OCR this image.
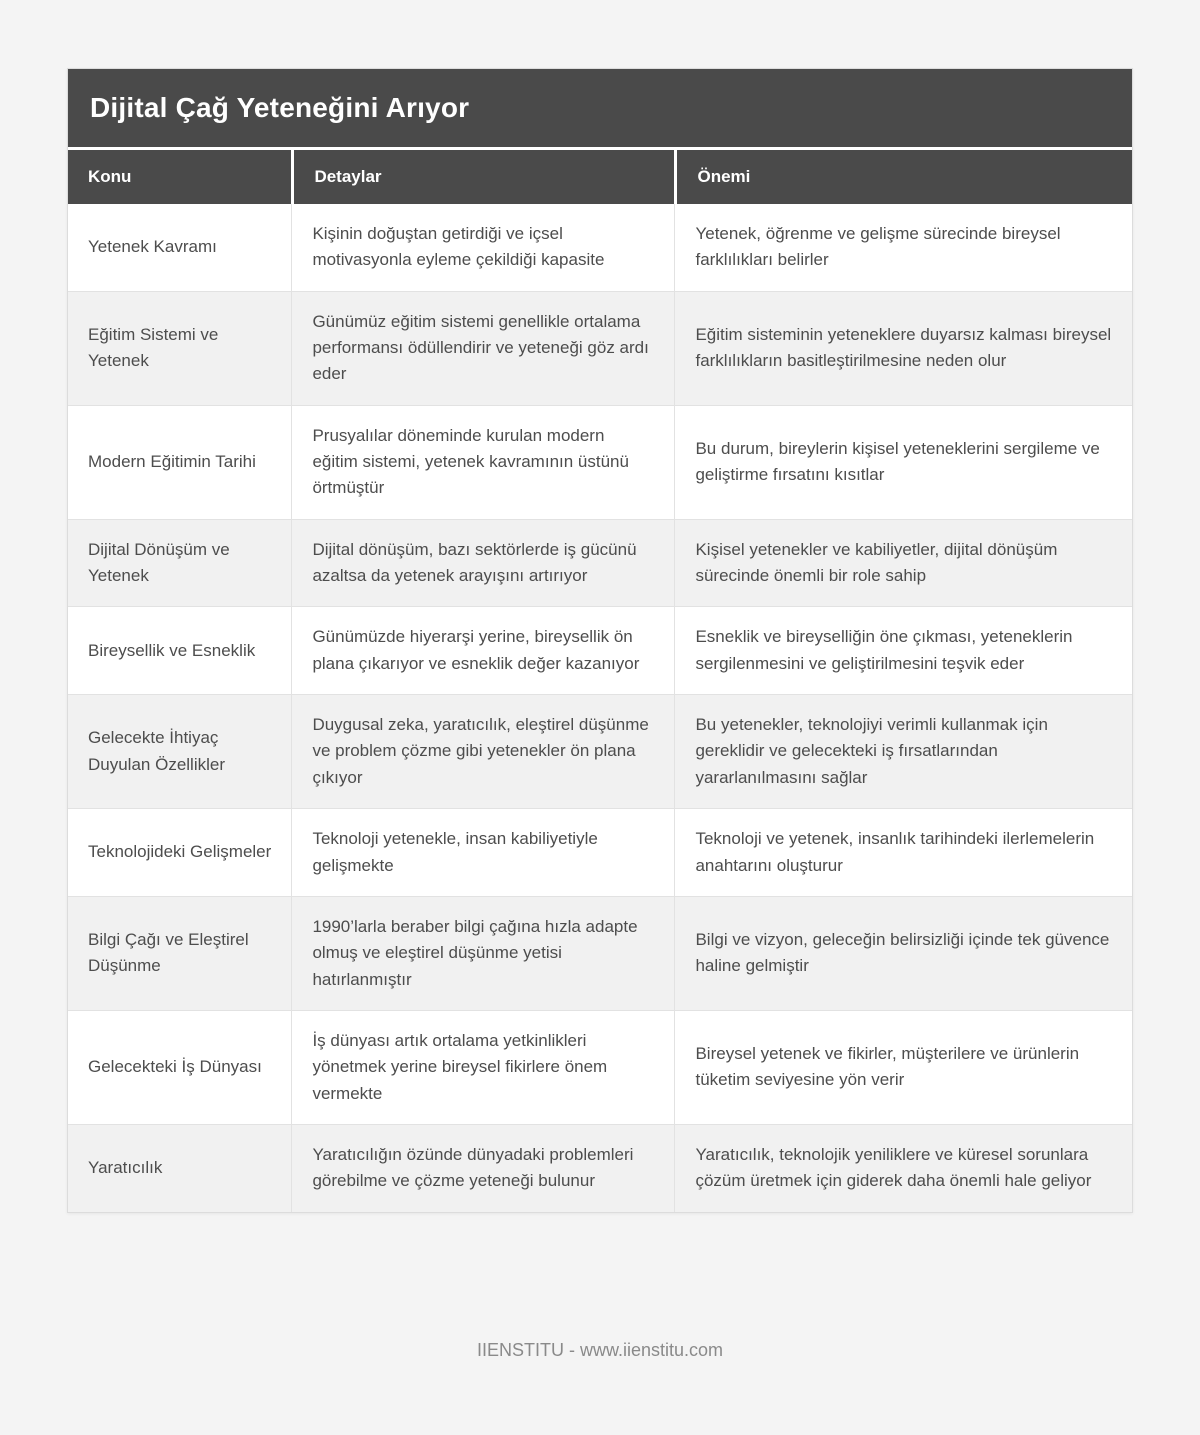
Dijital Çağ Yeteneğini Arıyor
Konu	Detaylar	Önemi
Yetenek Kavramı
Kişinin doğuştan getirdiği ve içsel motivasyonla eyleme çekildiği kapasite
Yetenek, öğrenme ve gelişme sürecinde bireysel farklılıkları belirler
Eğitim Sistemi ve Yetenek
Günümüz eğitim sistemi genellikle ortalama performansı ödüllendirir ve yeteneği göz ardı eder
Eğitim sisteminin yeteneklere duyarsız kalması bireysel farklılıkların basitleştirilmesine neden olur
Modern Eğitimin Tarihi
Prusyalılar döneminde kurulan modern eğitim sistemi, yetenek kavramının üstünü örtmüştür
Bu durum, bireylerin kişisel yeteneklerini sergileme ve geliştirme fırsatını kısıtlar
Dijital Dönüşüm ve Yetenek
Dijital dönüşüm, bazı sektörlerde iş gücünü azaltsa da yetenek arayışını artırıyor
Kişisel yetenekler ve kabiliyetler, dijital dönüşüm sürecinde önemli bir role sahip
Bireysellik ve Esneklik
Günümüzde hiyerarşi yerine, bireysellik ön plana çıkarıyor ve esneklik değer kazanıyor
Esneklik ve bireyselliğin öne çıkması, yeteneklerin sergilenmesini ve geliştirilmesini teşvik eder
Gelecekte İhtiyaç Duyulan Özellikler
Duygusal zeka, yaratıcılık, eleştirel düşünme ve problem çözme gibi yetenekler ön plana çıkıyor
Bu yetenekler, teknolojiyi verimli kullanmak için gereklidir ve gelecekteki iş fırsatlarından yararlanılmasını sağlar
Teknolojideki Gelişmeler
Teknoloji yetenekle, insan kabiliyetiyle gelişmekte
Teknoloji ve yetenek, insanlık tarihindeki ilerlemelerin anahtarını oluşturur
Bilgi Çağı ve Eleştirel Düşünme
1990’larla beraber bilgi çağına hızla adapte olmuş ve eleştirel düşünme yetisi hatırlanmıştır
Bilgi ve vizyon, geleceğin belirsizliği içinde tek güvence haline gelmiştir
Gelecekteki İş Dünyası
İş dünyası artık ortalama yetkinlikleri yönetmek yerine bireysel fikirlere önem vermekte
Bireysel yetenek ve fikirler, müşterilere ve ürünlerin tüketim seviyesine yön verir
Yaratıcılık
Yaratıcılığın özünde dünyadaki problemleri görebilme ve çözme yeteneği bulunur
Yaratıcılık, teknolojik yeniliklere ve küresel sorunlara çözüm üretmek için giderek daha önemli hale geliyor
IIENSTITU - www.iienstitu.com
